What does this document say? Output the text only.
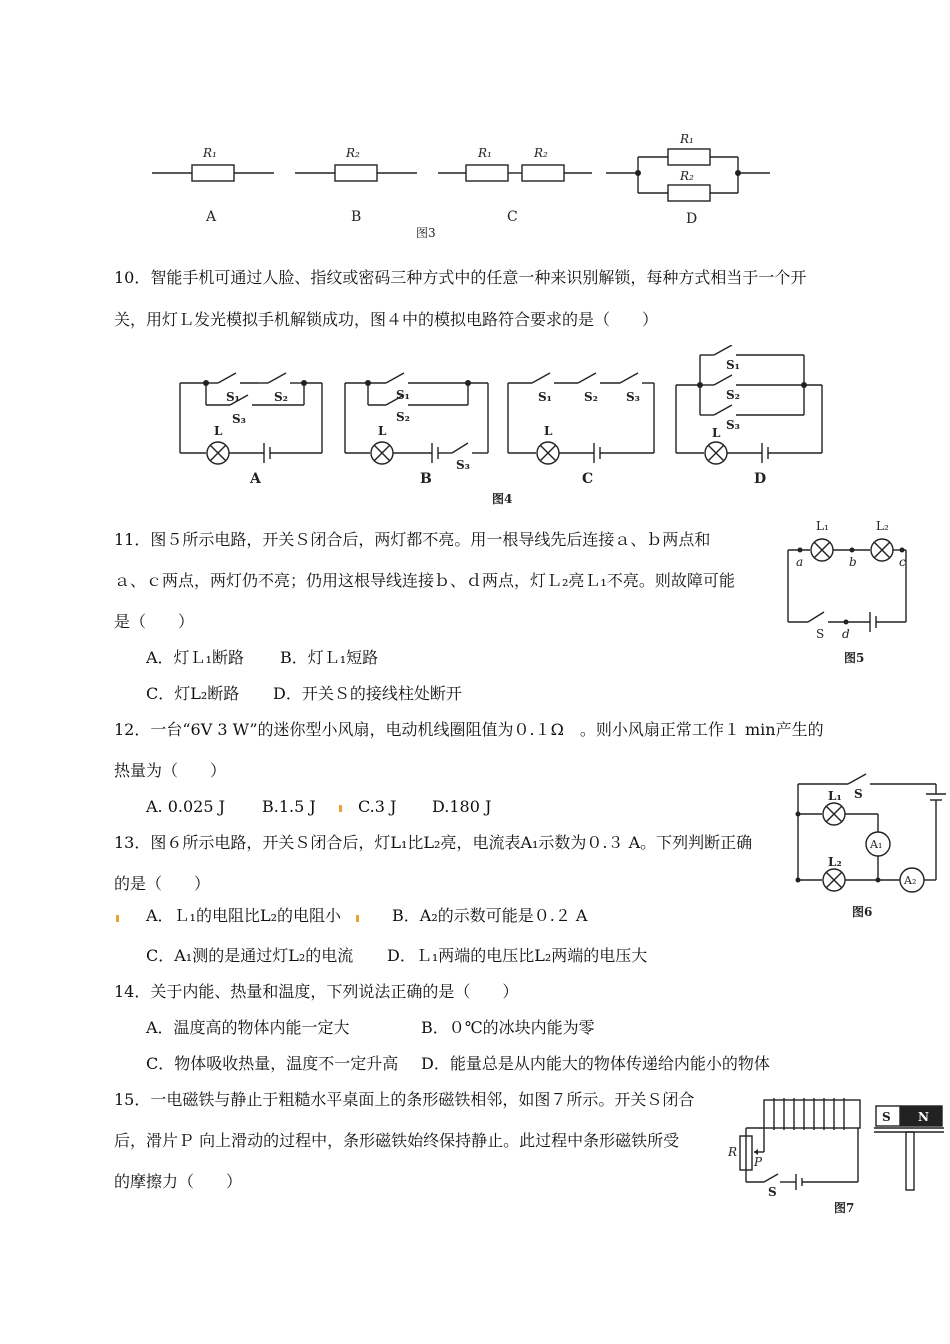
R₁	R₂	R₁	R₂
R₁
R₂
A	B	C	D
图3
10．智能手机可通过人脸、指纹或密码三种方式中的任意一种来识别解锁，每种方式相当于一个开
关，用灯Ｌ发光模拟手机解锁成功，图４中的模拟电路符合要求的是（　　）
S₁	S₂
S₃
L
S₁
S₂
S₃
L
S₁	S₂ S₃
L
S₁
S₂
S₃
L
A	B	C	D
图4
11．图５所示电路，开关Ｓ闭合后，两灯都不亮。用一根导线先后连接ａ、ｂ两点和
ａ、ｃ两点，两灯仍不亮；仍用这根导线连接ｂ、ｄ两点，灯Ｌ₂亮Ｌ₁不亮。则故障可能
是（　　）
A．灯Ｌ₁断路 B．灯Ｌ₁短路
C．灯L₂断路 D．开关Ｓ的接线柱处断开
L₁	L₂
a	b	c
d
S
图5
12．一台“6V 3 W”的迷你型小风扇，电动机线圈阻值为０.１Ω　。则小风扇正常工作１ min产生的
热量为（　　）
A. 0.025 J B.1.5 J	C.3 J D.180 J
S
L₁
L₂
A₁
A₂
图6
13．图６所示电路，开关Ｓ闭合后，灯L₁比L₂亮，电流表A₁示数为０.３ A。下列判断正确
的是（　　）
A．Ｌ₁的电阻比L₂的电阻小	B．A₂的示数可能是０.２ A
C．A₁测的是通过灯L₂的电流 D．Ｌ₁两端的电压比L₂两端的电压大
14．关于内能、热量和温度，下列说法正确的是（　　）
A．温度高的物体内能一定大	B．０℃的冰块内能为零
C．物体吸收热量，温度不一定升高 D．能量总是从内能大的物体传递给内能小的物体
15．一电磁铁与静止于粗糙水平桌面上的条形磁铁相邻，如图７所示。开关Ｓ闭合
后，滑片Ｐ 向上滑动的过程中，条形磁铁始终保持静止。此过程中条形磁铁所受
的摩擦力（　　）
R
P
S
S N
图7
